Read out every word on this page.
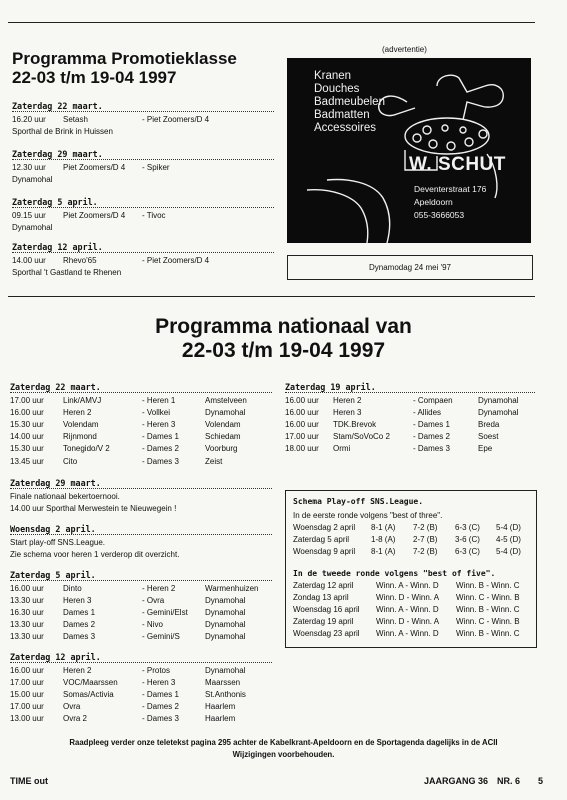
Programma Promotieklasse
22-03 t/m 19-04 1997
Zaterdag 22 maart.
16.20 uur Setash	- Piet Zoomers/D 4
Sporthal de Brink in Huissen
Zaterdag 29 maart.
12.30 uur Piet Zoomers/D 4 - Spiker
Dynamohal
Zaterdag 5 april.
09.15 uur Piet Zoomers/D 4 - Tivoc
Dynamohal
Zaterdag 12 april.
14.00 uur Rhevo'65	- Piet Zoomers/D 4
Sporthal 't Gastland te Rhenen
(advertentie)
Kranen
Douches
Badmeubelen
Badmatten
Accessoires
W. SCHUT
Deventerstraat 176
Apeldoorn
055-3666053
Dynamodag 24 mei '97
Programma nationaal van
22-03 t/m 19-04 1997
Zaterdag 22 maart.
17.00 uur Link/AMVJ	- Heren 1	Amstelveen
16.00 uur Heren 2	- Vollkei	Dynamohal
15.30 uur Volendam	- Heren 3	Volendam
14.00 uur Rijnmond	- Dames 1	Schiedam
15.30 uur Tonegido/V 2	- Dames 2	Voorburg
13.45 uur Cito	- Dames 3	Zeist
Zaterdag 29 maart.
Finale nationaal bekertoernooi.
14.00 uur Sporthal Merwestein te Nieuwegein !
Woensdag 2 april.
Start play-off SNS.League.
Zie schema voor heren 1 verderop dit overzicht.
Zaterdag 5 april.
16.00 uur Dinto	- Heren 2	Warmenhuizen
13.30 uur Heren 3	- Ovra	Dynamohal
16.30 uur Dames 1	- Gemini/Elst Dynamohal
13.30 uur Dames 2	- Nivo	Dynamohal
13.30 uur Dames 3	- Gemini/S	Dynamohal
Zaterdag 12 april.
16.00 uur Heren 2	- Protos	Dynamohal
17.00 uur VOC/Maarssen	- Heren 3	Maarssen
15.00 uur Somas/Activia	- Dames 1	St.Anthonis
17.00 uur Ovra	- Dames 2	Haarlem
13.00 uur Ovra 2	- Dames 3	Haarlem
Zaterdag 19 april.
16.00 uur Heren 2	- Compaen	Dynamohal
16.00 uur Heren 3	- Allides	Dynamohal
16.00 uur TDK.Brevok	- Dames 1	Breda
17.00 uur Stam/SoVoCo 2	- Dames 2	Soest
18.00 uur Ormi	- Dames 3	Epe
Schema Play-off SNS.League.
In de eerste ronde volgens "best of three".
Woensdag 2 april 8-1 (A) 7-2 (B) 6-3 (C) 5-4 (D)
Zaterdag 5 april	1-8 (A) 2-7 (B) 3-6 (C) 4-5 (D)
Woensdag 9 april 8-1 (A) 7-2 (B) 6-3 (C) 5-4 (D)
In de tweede ronde volgens "best of five".
Zaterdag 12 april	Winn. A - Winn. D Winn. B - Winn. C
Zondag 13 april	Winn. D - Winn. A Winn. C - Winn. B
Woensdag 16 april Winn. A - Winn. D Winn. B - Winn. C
Zaterdag 19 april	Winn. D - Winn. A Winn. C - Winn. B
Woensdag 23 april Winn. A - Winn. D Winn. B - Winn. C
Raadpleeg verder onze teletekst pagina 295 achter de Kabelkrant-Apeldoorn en de Sportagenda dagelijks in de ACII
Wijzigingen voorbehouden.
TIME out	JAARGANG 36 NR. 6 5
